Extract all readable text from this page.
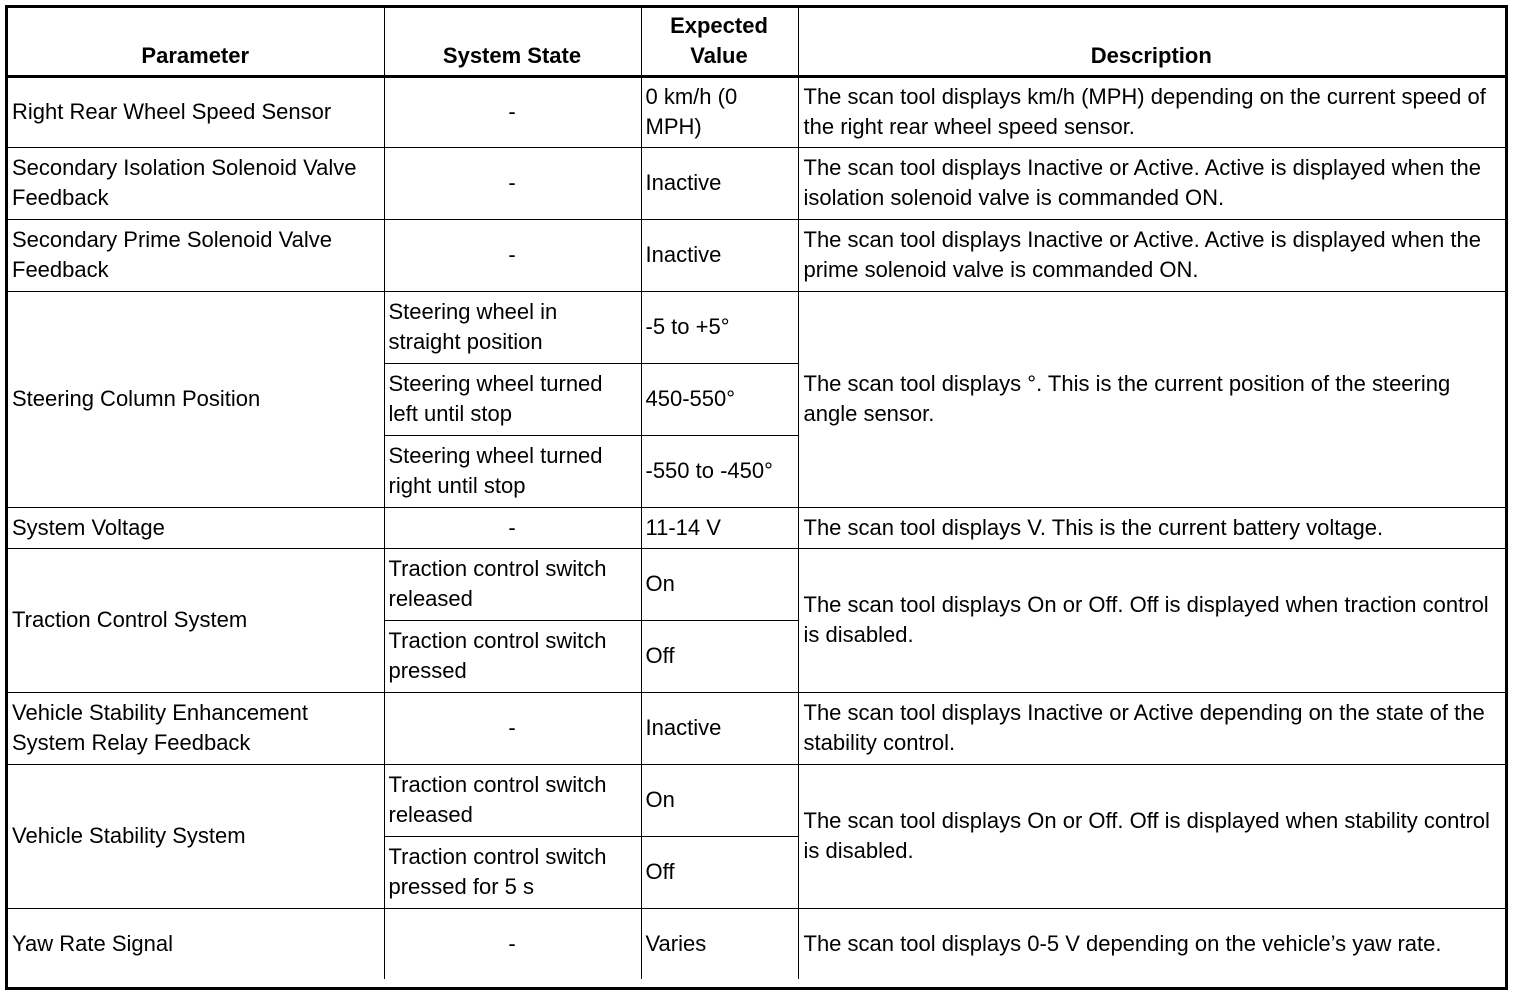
Parameter	System State	Expected Value	Description
Right Rear Wheel Speed Sensor	-	0 km/h (0 MPH)	The scan tool displays km/h (MPH) depending on the current speed of the right rear wheel speed sensor.
Secondary Isolation Solenoid Valve Feedback	-	Inactive	The scan tool displays Inactive or Active. Active is displayed when the isolation solenoid valve is commanded ON.
Secondary Prime Solenoid Valve Feedback	-	Inactive	The scan tool displays Inactive or Active. Active is displayed when the prime solenoid valve is commanded ON.
Steering Column Position	Steering wheel in straight position	-5 to +5°	The scan tool displays °. This is the current position of the steering angle sensor.
	Steering wheel turned left until stop	450-550°	
	Steering wheel turned right until stop	-550 to -450°	
System Voltage	-	11-14 V	The scan tool displays V. This is the current battery voltage.
Traction Control System	Traction control switch released	On	The scan tool displays On or Off. Off is displayed when traction control is disabled.
	Traction control switch pressed	Off	
Vehicle Stability Enhancement System Relay Feedback	-	Inactive	The scan tool displays Inactive or Active depending on the state of the stability control.
Vehicle Stability System	Traction control switch released	On	The scan tool displays On or Off. Off is displayed when stability control is disabled.
	Traction control switch pressed for 5 s	Off	
Yaw Rate Signal	-	Varies	The scan tool displays 0-5 V depending on the vehicle’s yaw rate.
